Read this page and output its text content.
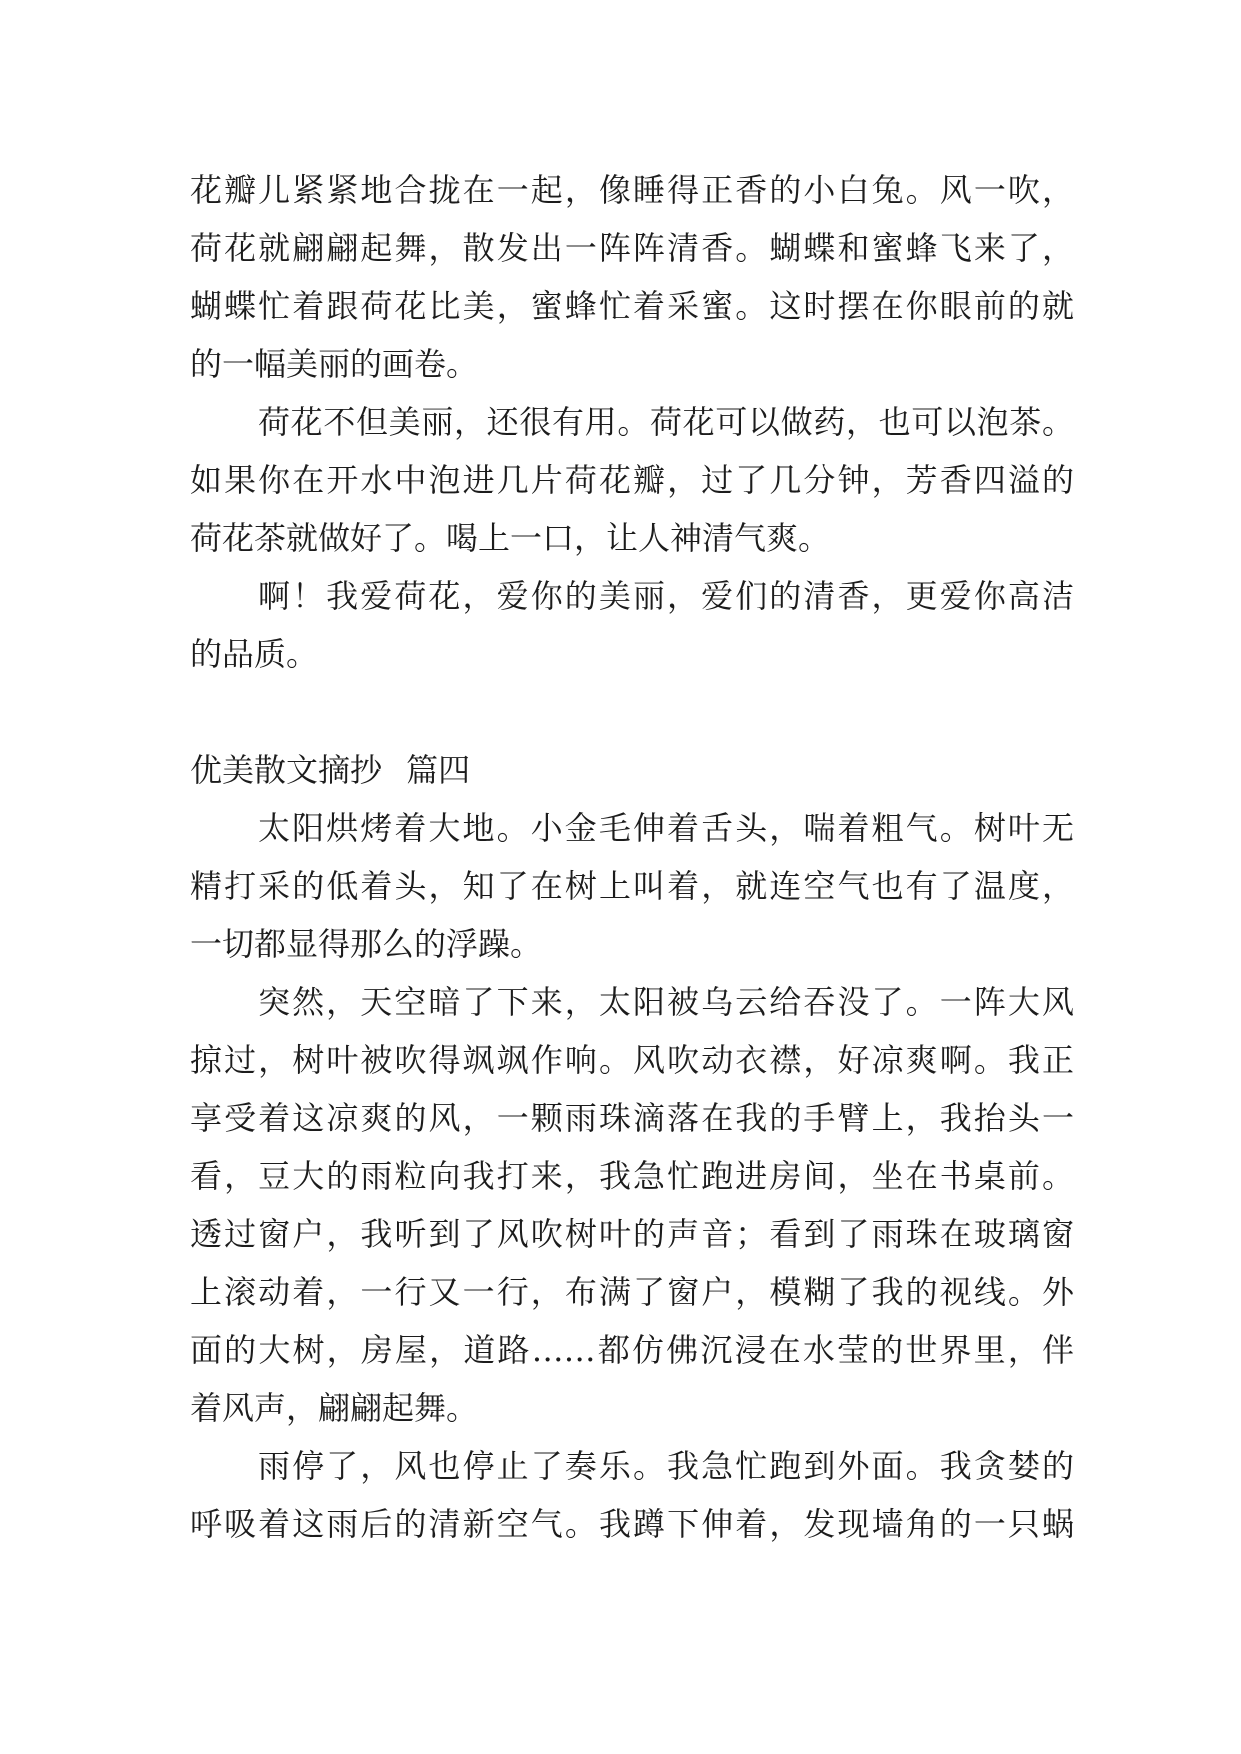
花瓣儿紧紧地合拢在一起，像睡得正香的小白兔。风一吹，
荷花就翩翩起舞，散发出一阵阵清香。蝴蝶和蜜蜂飞来了，
蝴蝶忙着跟荷花比美，蜜蜂忙着采蜜。这时摆在你眼前的就
的一幅美丽的画卷。
荷花不但美丽，还很有用。荷花可以做药，也可以泡茶。
如果你在开水中泡进几片荷花瓣，过了几分钟，芳香四溢的
荷花茶就做好了。喝上一口，让人神清气爽。
啊！我爱荷花，爱你的美丽，爱们的清香，更爱你高洁
的品质。
优美散文摘抄 篇四
太阳烘烤着大地。小金毛伸着舌头，喘着粗气。树叶无
精打采的低着头，知了在树上叫着，就连空气也有了温度，
一切都显得那么的浮躁。
突然，天空暗了下来，太阳被乌云给吞没了。一阵大风
掠过，树叶被吹得飒飒作响。风吹动衣襟，好凉爽啊。我正
享受着这凉爽的风，一颗雨珠滴落在我的手臂上，我抬头一
看，豆大的雨粒向我打来，我急忙跑进房间，坐在书桌前。
透过窗户，我听到了风吹树叶的声音；看到了雨珠在玻璃窗
上滚动着，一行又一行，布满了窗户，模糊了我的视线。外
面的大树，房屋，道路……都仿佛沉浸在水莹的世界里，伴
着风声，翩翩起舞。
雨停了，风也停止了奏乐。我急忙跑到外面。我贪婪的
呼吸着这雨后的清新空气。我蹲下伸着，发现墙角的一只蜗
